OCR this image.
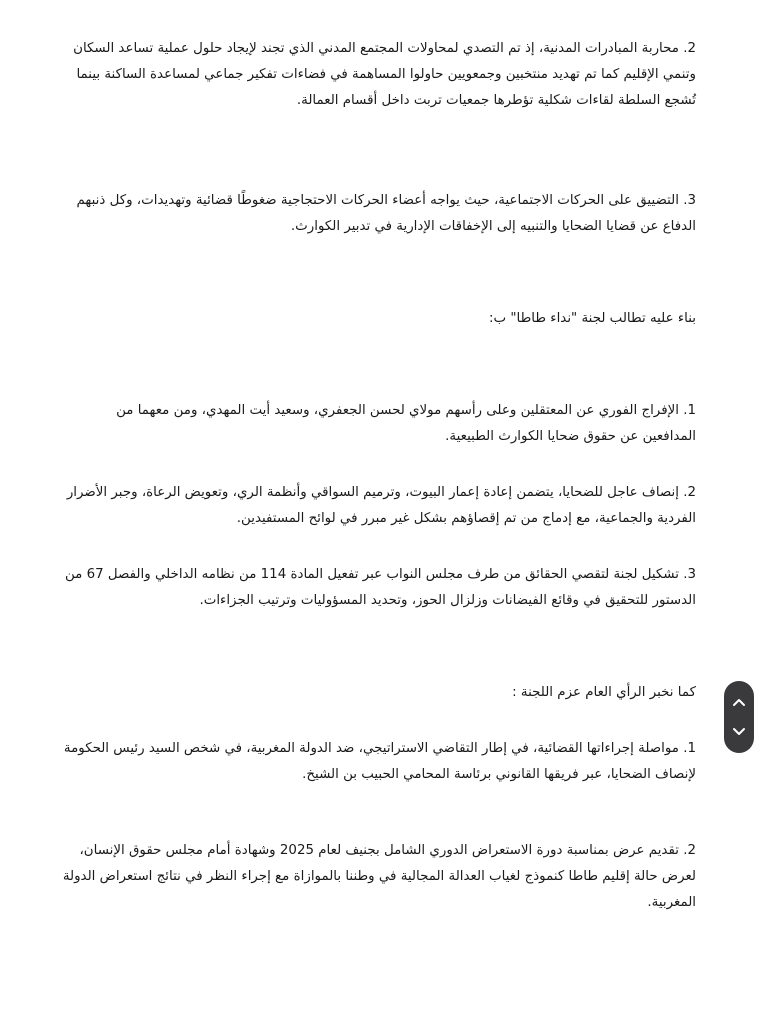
2. محاربة المبادرات المدنية، إذ تم التصدي لمحاولات المجتمع المدني الذي تجند لإيجاد حلول عملية تساعد السكان وتنمي الإقليم كما تم تهديد منتخبين وجمعويين حاولوا المساهمة في فضاءات تفكير جماعي لمساعدة الساكنة بينما تُشجع السلطة لقاءات شكلية تؤطرها جمعيات تربت داخل أقسام العمالة.

3. التضييق على الحركات الاجتماعية، حيث يواجه أعضاء الحركات الاحتجاجية ضغوطًا قضائية وتهديدات، وكل ذنبهم الدفاع عن قضايا الضحايا والتنبيه إلى الإخفاقات الإدارية في تدبير الكوارث.

بناء عليه تطالب لجنة "نداء طاطا" ب:

1. الإفراج الفوري عن المعتقلين وعلى رأسهم مولاي لحسن الجعفري، وسعيد أيت المهدي، ومن معهما من المدافعين عن حقوق ضحايا الكوارث الطبيعية.

2. إنصاف عاجل للضحايا، يتضمن إعادة إعمار البيوت، وترميم السواقي وأنظمة الري، وتعويض الرعاة، وجبر الأضرار الفردية والجماعية، مع إدماج من تم إقصاؤهم بشكل غير مبرر في لوائح المستفيدين.

3. تشكيل لجنة لتقصي الحقائق من طرف مجلس النواب عبر تفعيل المادة 114 من نظامه الداخلي والفصل 67 من الدستور للتحقيق في وقائع الفيضانات وزلزال الحوز، وتحديد المسؤوليات وترتيب الجزاءات.

كما نخبر الرأي العام عزم اللجنة :

1. مواصلة إجراءاتها القضائية، في إطار التقاضي الاستراتيجي، ضد الدولة المغربية، في شخص السيد رئيس الحكومة لإنصاف الضحايا، عبر فريقها القانوني برئاسة المحامي الحبيب بن الشيخ.

2. تقديم عرض بمناسبة دورة الاستعراض الدوري الشامل بجنيف لعام 2025 وشهادة أمام مجلس حقوق الإنسان، لعرض حالة إقليم طاطا كنموذج لغياب العدالة المجالية في وطننا بالموازاة مع إجراء النظر في نتائج استعراض الدولة المغربية.
